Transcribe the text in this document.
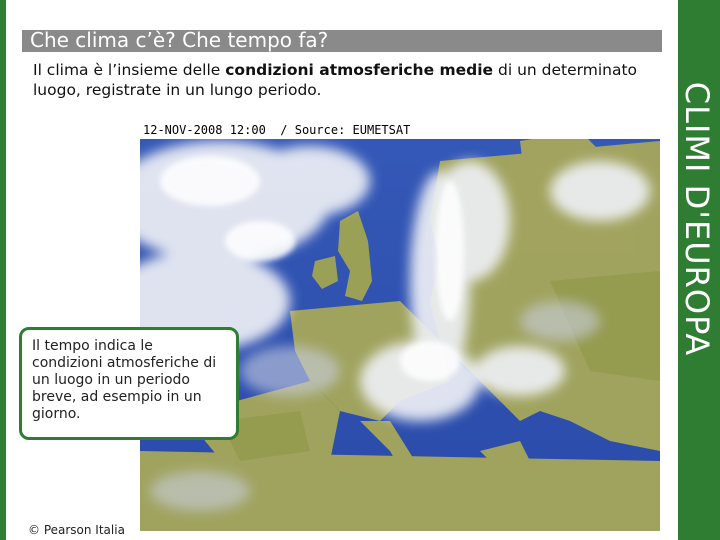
Che clima c’è? Che tempo fa?
Il clima è l’insieme delle condizioni atmosferiche medie di un determinato luogo, registrate in un lungo periodo.
12-NOV-2008 12:00  / Source: EUMETSAT
Il tempo indica le condizioni atmosferiche di un luogo in un periodo breve, ad esempio in un giorno.
© Pearson Italia
CLIMI D'EUROPA
